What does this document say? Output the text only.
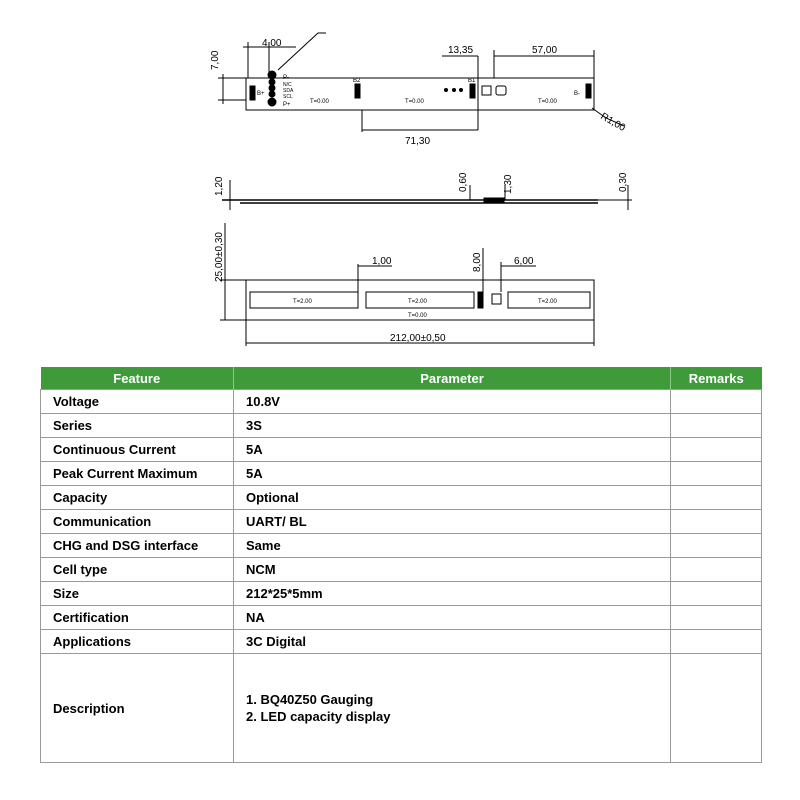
4,00
7,00
13,35	57,00
71,30
R1,00
P-
N/C
SDA
SCL
P+
B+	B-
B2	B1
T=0.00	T=0.00	T=0.00
1,20	0,60	1,30	0,30
25,00±0,30	1,00	8,00	6,00
212,00±0,50
T=2.00	T=2.00	T=2.00
T=0.00
Feature	Parameter	Remarks
Voltage	10.8V	
Series	3S	
Continuous Current	5A	
Peak Current Maximum	5A	
Capacity	Optional	
Communication	UART/ BL	
CHG and DSG interface	Same	
Cell type	NCM	
Size	212*25*5mm	
Certification	NA	
Applications	3C Digital	
Description	1. BQ40Z50 Gauging
2. LED capacity display	
